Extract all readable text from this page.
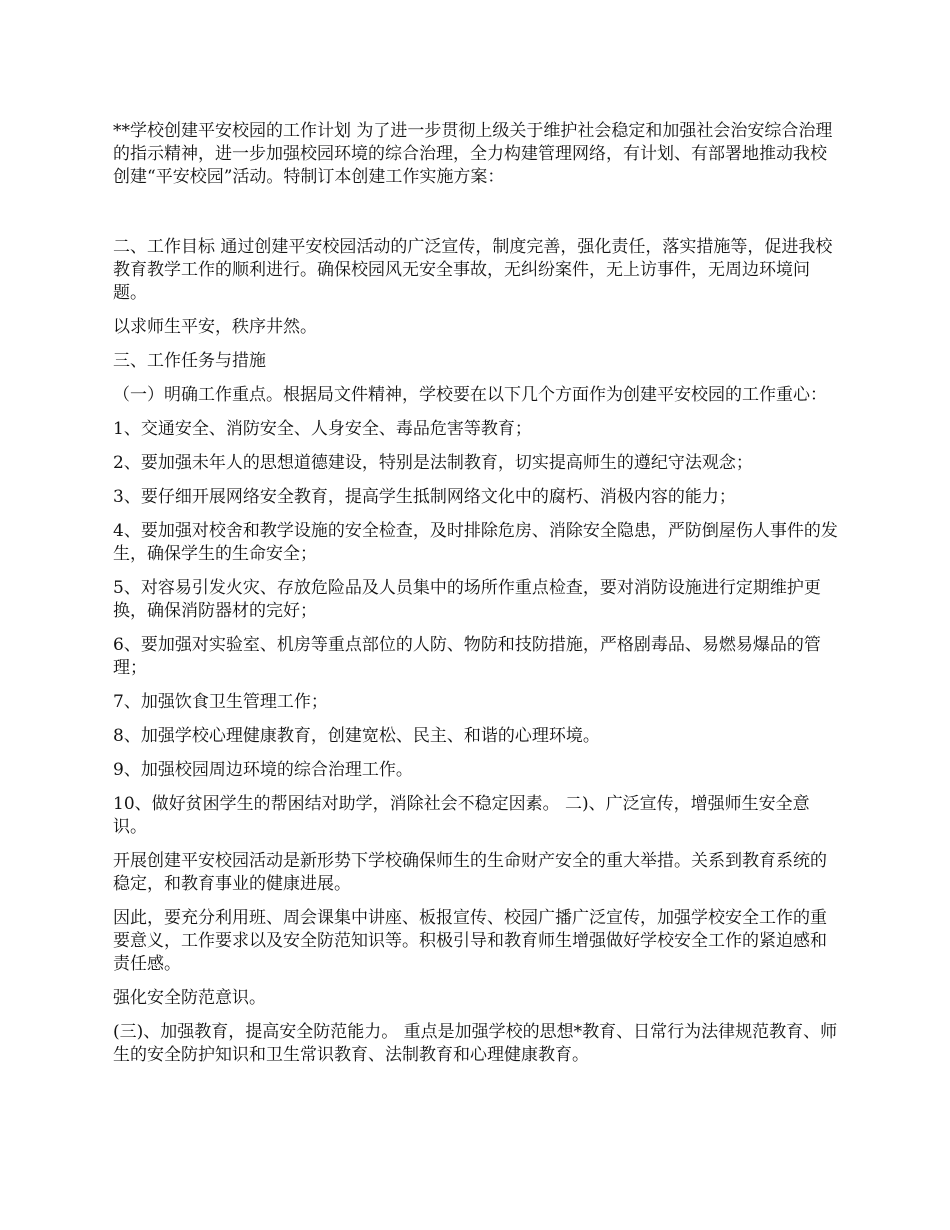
**学校创建平安校园的工作计划 为了进一步贯彻上级关于维护社会稳定和加强社会治安综合治理的指示精神，进一步加强校园环境的综合治理，全力构建管理网络，有计划、有部署地推动我校创建“平安校园”活动。特制订本创建工作实施方案：

二、工作目标 通过创建平安校园活动的广泛宣传，制度完善，强化责任，落实措施等，促进我校教育教学工作的顺利进行。确保校园风无安全事故，无纠纷案件，无上访事件，无周边环境问题。

以求师生平安，秩序井然。

三、工作任务与措施

（一）明确工作重点。根据局文件精神，学校要在以下几个方面作为创建平安校园的工作重心：

1、交通安全、消防安全、人身安全、毒品危害等教育；

2、要加强未年人的思想道德建设，特别是法制教育，切实提高师生的遵纪守法观念；

3、要仔细开展网络安全教育，提高学生抵制网络文化中的腐朽、消极内容的能力；

4、要加强对校舍和教学设施的安全检查，及时排除危房、消除安全隐患，严防倒屋伤人事件的发生，确保学生的生命安全；

5、对容易引发火灾、存放危险品及人员集中的场所作重点检查，要对消防设施进行定期维护更换，确保消防器材的完好；

6、要加强对实验室、机房等重点部位的人防、物防和技防措施，严格剧毒品、易燃易爆品的管理；

7、加强饮食卫生管理工作；

8、加强学校心理健康教育，创建宽松、民主、和谐的心理环境。

9、加强校园周边环境的综合治理工作。

10、做好贫困学生的帮困结对助学，消除社会不稳定因素。 二)、广泛宣传，增强师生安全意识。

开展创建平安校园活动是新形势下学校确保师生的生命财产安全的重大举措。关系到教育系统的稳定，和教育事业的健康进展。

因此，要充分利用班、周会课集中讲座、板报宣传、校园广播广泛宣传，加强学校安全工作的重要意义，工作要求以及安全防范知识等。积极引导和教育师生增强做好学校安全工作的紧迫感和责任感。

强化安全防范意识。

(三)、加强教育，提高安全防范能力。 重点是加强学校的思想*教育、日常行为法律规范教育、师生的安全防护知识和卫生常识教育、法制教育和心理健康教育。
